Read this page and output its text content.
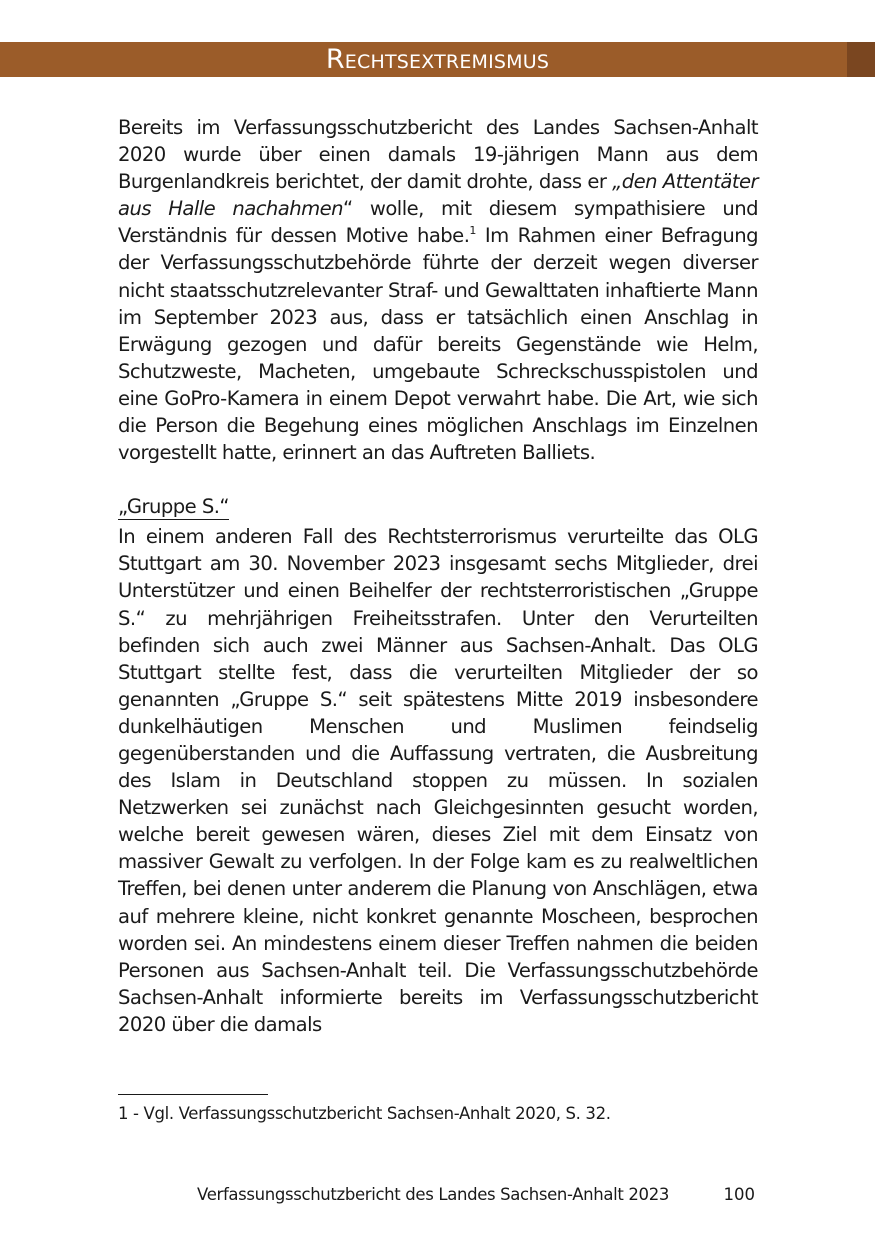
Rechtsextremismus

Bereits im Verfassungsschutzbericht des Landes Sachsen-Anhalt 2020 wurde über einen damals 19-jährigen Mann aus dem Burgenlandkreis berichtet, der damit drohte, dass er „den Attentäter aus Halle nachahmen“ wolle, mit diesem sympathisiere und Verständnis für dessen Motive habe.$^1$ Im Rahmen einer Befragung der Verfassungsschutzbehörde führte der derzeit wegen diverser nicht staatsschutzrelevanter Straf- und Gewalttaten inhaftierte Mann im September 2023 aus, dass er tatsächlich einen Anschlag in Erwägung gezogen und dafür bereits Gegenstände wie Helm, Schutzweste, Macheten, umgebaute Schreckschusspistolen und eine GoPro-Kamera in einem Depot verwahrt habe. Die Art, wie sich die Person die Begehung eines möglichen Anschlags im Einzelnen vorgestellt hatte, erinnert an das Auftreten Balliets.

„Gruppe S.“

In einem anderen Fall des Rechtsterrorismus verurteilte das OLG Stuttgart am 30. November 2023 insgesamt sechs Mitglieder, drei Unterstützer und einen Beihelfer der rechtsterroristischen „Gruppe S.“ zu mehrjährigen Freiheitsstrafen. Unter den Verurteilten befinden sich auch zwei Männer aus Sachsen-Anhalt. Das OLG Stuttgart stellte fest, dass die verurteilten Mitglieder der so genannten „Gruppe S.“ seit spätestens Mitte 2019 insbesondere dunkelhäutigen Menschen und Muslimen feindselig gegenüberstanden und die Auffassung vertraten, die Ausbreitung des Islam in Deutschland stoppen zu müssen. In sozialen Netzwerken sei zunächst nach Gleichgesinnten gesucht worden, welche bereit gewesen wären, dieses Ziel mit dem Einsatz von massiver Gewalt zu verfolgen. In der Folge kam es zu realweltlichen Treffen, bei denen unter anderem die Planung von Anschlägen, etwa auf mehrere kleine, nicht konkret genannte Moscheen, besprochen worden sei. An mindestens einem dieser Treffen nahmen die beiden Personen aus Sachsen-Anhalt teil. Die Verfassungsschutzbehörde Sachsen-Anhalt informierte bereits im Verfassungsschutzbericht 2020 über die damals

1 - Vgl. Verfassungsschutzbericht Sachsen-Anhalt 2020, S. 32.
Verfassungsschutzbericht des Landes Sachsen-Anhalt 2023	100
